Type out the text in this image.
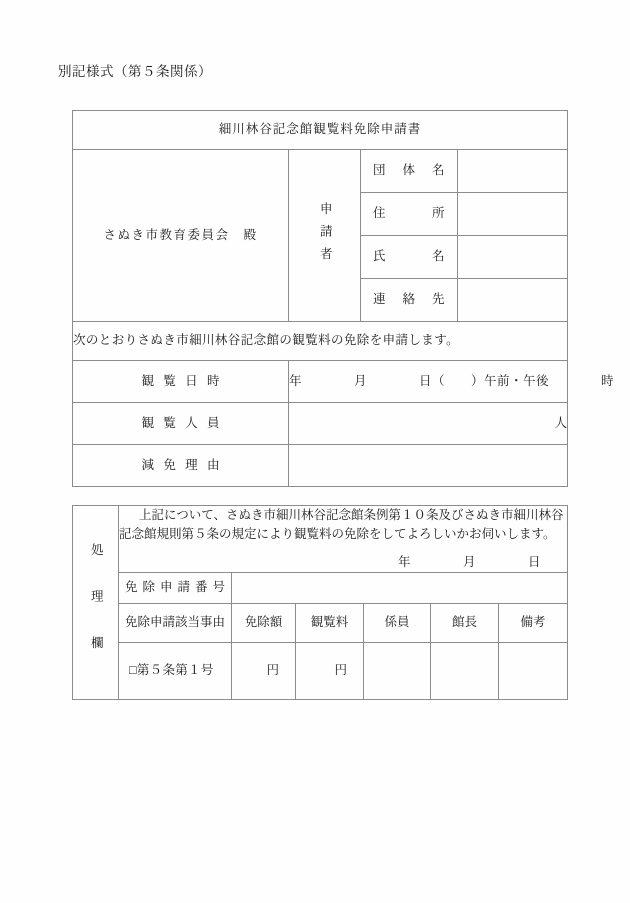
別記様式（第５条関係）
細川林谷記念館観覧料免除申請書			
さぬき市教育委員会　殿	申請者	団体名	
		住所	
		氏名	
		連絡先	
次のとおりさぬき市細川林谷記念館の観覧料の免除を申請します。			
観覧日時	年　　　　月　　　　日（　　）午前・午後　　　　時		
観覧人員	人		
減免理由			
処理欄	上記について、さぬき市細川林谷記念館条例第１０条及びさぬき市細川林谷記念館規則第５条の規定により観覧料の免除をしてよろしいかお伺いします。
年　　　　月　　　　日					

	免除申請番号					
	免除申請該当事由	免除額	観覧料	係員	館長	備考
	□第５条第１号	円	円			
